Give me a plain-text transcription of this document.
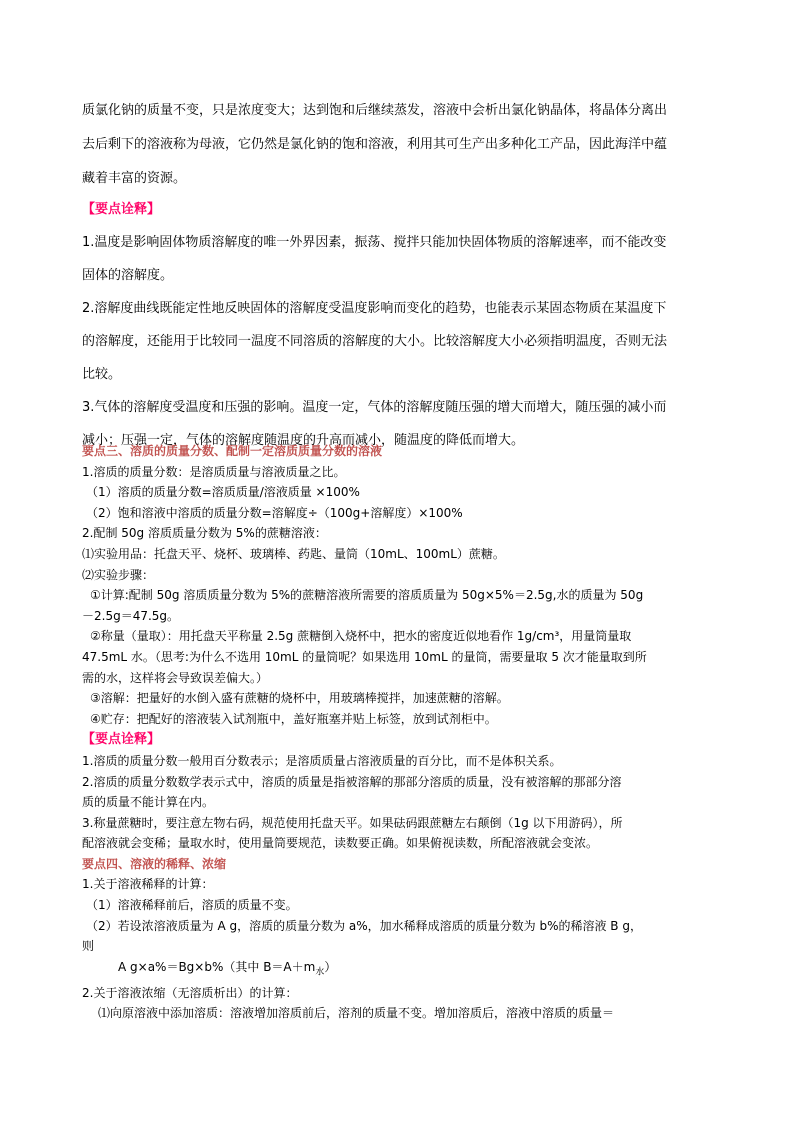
质氯化钠的质量不变，只是浓度变大；达到饱和后继续蒸发，溶液中会析出氯化钠晶体，将晶体分离出

去后剩下的溶液称为母液，它仍然是氯化钠的饱和溶液，利用其可生产出多种化工产品，因此海洋中蕴

藏着丰富的资源。

【要点诠释】

1.温度是影响固体物质溶解度的唯一外界因素，振荡、搅拌只能加快固体物质的溶解速率，而不能改变

固体的溶解度。

2.溶解度曲线既能定性地反映固体的溶解度受温度影响而变化的趋势，也能表示某固态物质在某温度下

的溶解度，还能用于比较同一温度不同溶质的溶解度的大小。比较溶解度大小必须指明温度，否则无法

比较。

3.气体的溶解度受温度和压强的影响。温度一定，气体的溶解度随压强的增大而增大，随压强的减小而

减小；压强一定，气体的溶解度随温度的升高而减小，随温度的降低而增大。

要点三、溶质的质量分数、配制一定溶质质量分数的溶液

1.溶质的质量分数：是溶质质量与溶液质量之比。

（1）溶质的质量分数=溶质质量/溶液质量 ×100%

（2）饱和溶液中溶质的质量分数=溶解度÷（100g+溶解度）×100%

2.配制 50g 溶质质量分数为 5%的蔗糖溶液：

⑴实验用品：托盘天平、烧杯、玻璃棒、药匙、量筒（10mL、100mL）蔗糖。

⑵实验步骤：

①计算:配制 50g 溶质质量分数为 5%的蔗糖溶液所需要的溶质质量为 50g×5%＝2.5g,水的质量为 50g

－2.5g＝47.5g。

②称量（量取）：用托盘天平称量 2.5g 蔗糖倒入烧杯中，把水的密度近似地看作 1g/cm³，用量筒量取

47.5mL 水。（思考:为什么不选用 10mL 的量筒呢？如果选用 10mL 的量筒，需要量取 5 次才能量取到所

需的水，这样将会导致误差偏大。）

③溶解：把量好的水倒入盛有蔗糖的烧杯中，用玻璃棒搅拌，加速蔗糖的溶解。

④贮存：把配好的溶液装入试剂瓶中，盖好瓶塞并贴上标签，放到试剂柜中。

【要点诠释】

1.溶质的质量分数一般用百分数表示；是溶质质量占溶液质量的百分比，而不是体积关系。

2.溶质的质量分数数学表示式中，溶质的质量是指被溶解的那部分溶质的质量，没有被溶解的那部分溶

质的质量不能计算在内。

3.称量蔗糖时，要注意左物右码，规范使用托盘天平。如果砝码跟蔗糖左右颠倒（1g 以下用游码），所

配溶液就会变稀；量取水时，使用量筒要规范，读数要正确。如果俯视读数，所配溶液就会变浓。

要点四、溶液的稀释、浓缩

1.关于溶液稀释的计算：

（1）溶液稀释前后，溶质的质量不变。

（2）若设浓溶液质量为 A g，溶质的质量分数为 a%，加水稀释成溶质的质量分数为 b%的稀溶液 B g，

则

A g×a%＝Bg×b%（其中 $B=A+m_水$）

2.关于溶液浓缩（无溶质析出）的计算：

⑴向原溶液中添加溶质：溶液增加溶质前后，溶剂的质量不变。增加溶质后，溶液中溶质的质量＝
